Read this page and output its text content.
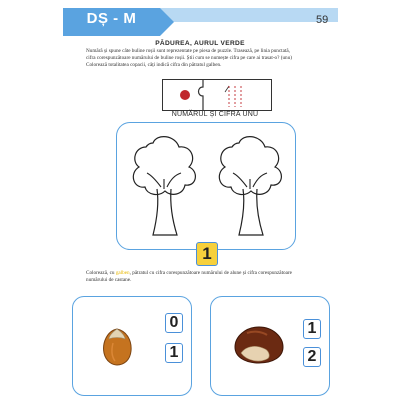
DȘ - M	59
PĂDUREA, AURUL VERDE
Numără și spune câte buline roșii sunt reprezentate pe piesa de puzzle. Trasează, pe linia punctată,
cifra corespunzătoare numărului de buline roșii. Știi cum se numește cifra pe care ai trasat-o? (unu)
Colorează totalitatea copacii, câți indică cifra din pătratul galben.
NUMĂRUL ȘI CIFRA UNU
1
Colorează, cu galben, pătratul cu cifra corespunzătoare numărului de alune și cifra corespunzătoare
numărului de castane.
0
1
1
2
